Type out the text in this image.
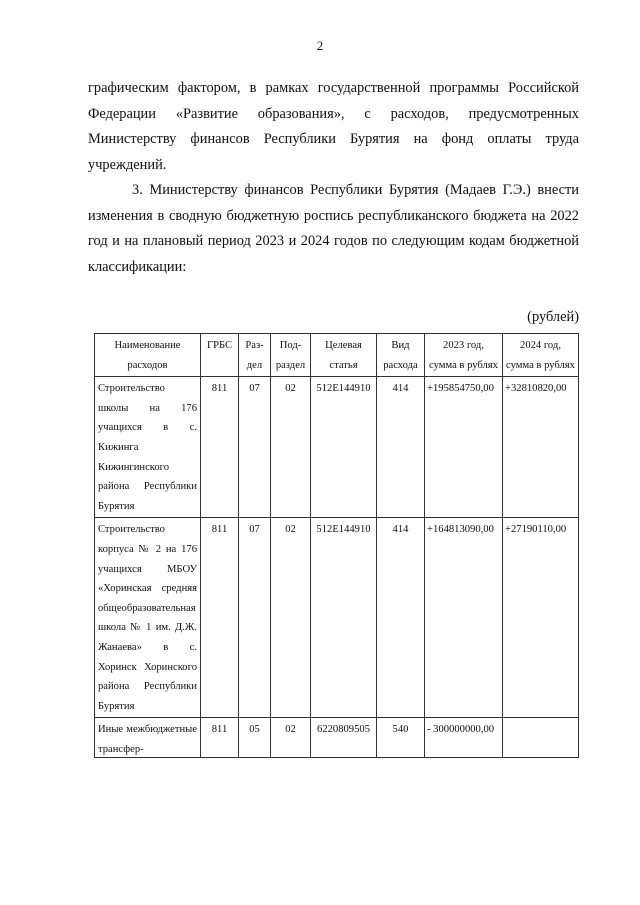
2
графическим фактором, в рамках государственной программы Российской Федерации «Развитие образования», с расходов, предусмотренных Министерству финансов Республики Бурятия на фонд оплаты труда учреждений.
3. Министерству финансов Республики Бурятия (Мадаев Г.Э.) внести изменения в сводную бюджетную роспись республиканского бюджета на 2022 год и на плановый период 2023 и 2024 годов по следующим кодам бюджетной классификации:
(рублей)
Наименование расходов	ГРБС	Раз-дел	Под-раздел	Целевая статья	Вид расхода	2023 год, сумма в рублях	2024 год, сумма в рублях
Строительство школы на 176 учащихся в с. Кижинга Кижингинского района Республики Бурятия	811	07	02	512E144910	414	+195854750,00	+32810820,00
Строительство корпуса № 2 на 176 учащихся МБОУ «Хоринская средняя общеобразовательная школа № 1 им. Д.Ж. Жанаева» в с. Хоринск Хоринского района Республики Бурятия	811	07	02	512E144910	414	+164813090,00	+27190110,00

Иные межбюджетные трансфер-	811	05	02	6220809505	540	- 300000000,00	
